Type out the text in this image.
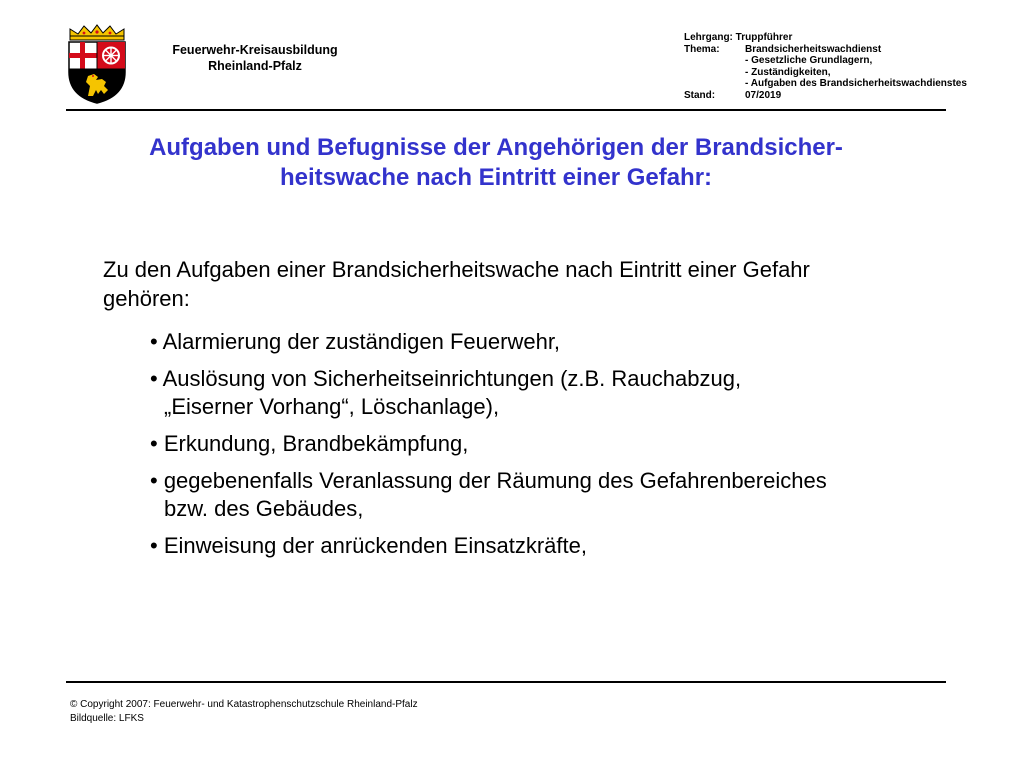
Feuerwehr-Kreisausbildung
Rheinland-Pfalz
Lehrgang:
Truppführer
Thema:	Brandsicherheitswachdienst
- Gesetzliche Grundlagern,
- Zuständigkeiten,
- Aufgaben des Brandsicherheitswachdienstes
Stand:	07/2019
Aufgaben und Befugnisse der Angehörigen der Brandsicher-
heitswache nach Eintritt einer Gefahr:
Zu den Aufgaben einer Brandsicherheitswache nach Eintritt einer Gefahr
gehören:
• Alarmierung der zuständigen Feuerwehr,
• Auslösung von Sicherheitseinrichtungen (z.B. Rauchabzug,
„Eiserner Vorhang“, Löschanlage),
• Erkundung, Brandbekämpfung,
• gegebenenfalls Veranlassung der Räumung des Gefahrenbereiches
bzw. des Gebäudes,
• Einweisung der anrückenden Einsatzkräfte,
© Copyright 2007: Feuerwehr- und Katastrophenschutzschule Rheinland-Pfalz
Bildquelle: LFKS
